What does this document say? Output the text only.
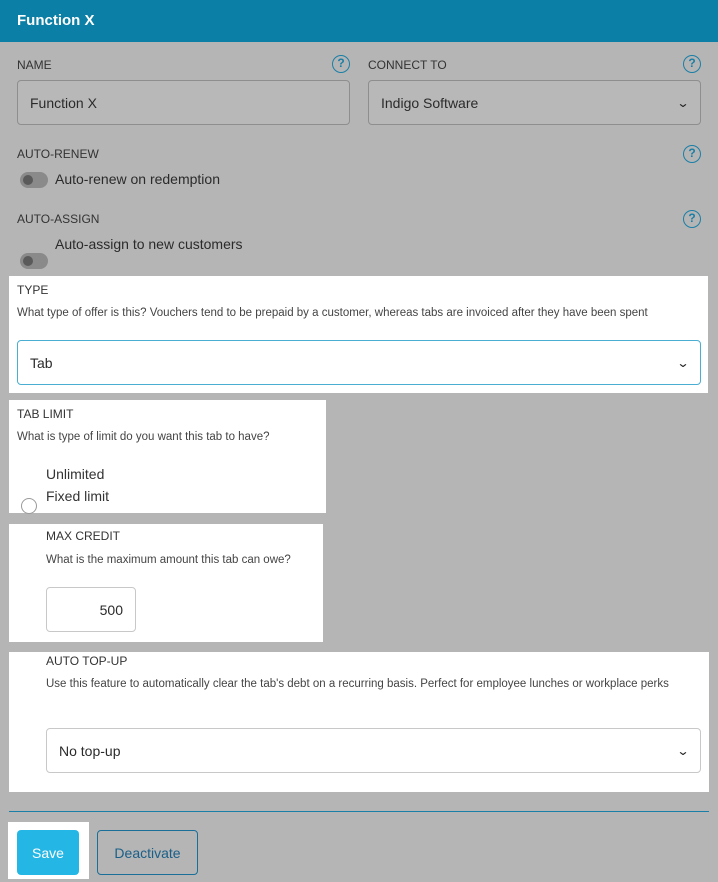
Function X
NAME	?
Function X
CONNECT TO	?
Indigo Software	⌄
AUTO-RENEW	?
Auto-renew on redemption
AUTO-ASSIGN	?
Auto-assign to new customers
TYPE
What type of offer is this? Vouchers tend to be prepaid by a customer, whereas tabs are invoiced after they have been spent
Tab	⌄
TAB LIMIT
What is type of limit do you want this tab to have?
Unlimited
Fixed limit
MAX CREDIT
What is the maximum amount this tab can owe?
500
AUTO TOP-UP
Use this feature to automatically clear the tab's debt on a recurring basis. Perfect for employee lunches or workplace perks
No top-up	⌄
Save	Deactivate
